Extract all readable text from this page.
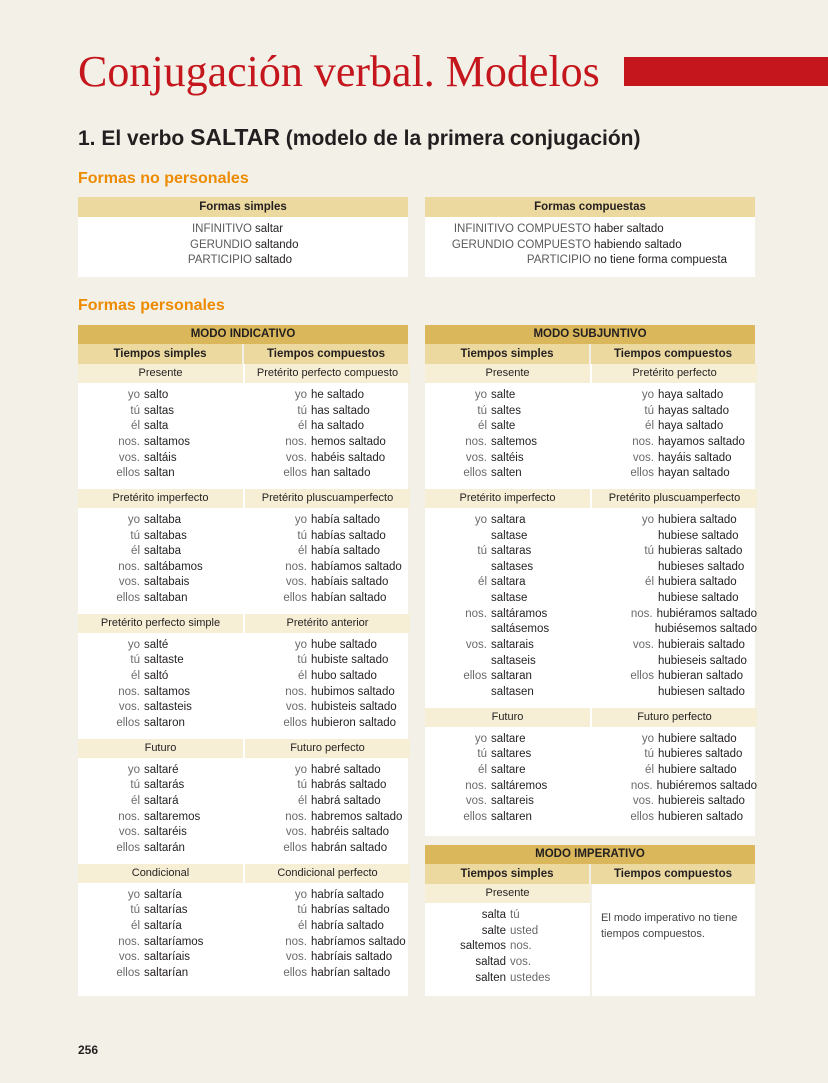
Conjugación verbal. Modelos
1. El verbo SALTAR (modelo de la primera conjugación)
Formas no personales
Formas simples
INFINITIVO saltar
GERUNDIO saltando
PARTICIPIO saltado
Formas compuestas
INFINITIVO COMPUESTO haber saltado
GERUNDIO COMPUESTO habiendo saltado
PARTICIPIO no tiene forma compuesta
Formas personales
MODO INDICATIVO
Tiempos simples	Tiempos compuestos
Presente
yo salto
tú saltas
él salta
nos. saltamos
vos. saltáis
ellos saltan
Pretérito imperfecto
yo saltaba
tú saltabas
él saltaba
nos. saltábamos
vos. saltabais
ellos saltaban
Pretérito perfecto simple
yo salté
tú saltaste
él saltó
nos. saltamos
vos. saltasteis
ellos saltaron
Futuro
yo saltaré
tú saltarás
él saltará
nos. saltaremos
vos. saltaréis
ellos saltarán
Condicional
yo saltaría
tú saltarías
él saltaría
nos. saltaríamos
vos. saltaríais
ellos saltarían
Pretérito perfecto compuesto
yo he saltado
tú has saltado
él ha saltado
nos. hemos saltado
vos. habéis saltado
ellos han saltado
Pretérito pluscuamperfecto
yo había saltado
tú habías saltado
él había saltado
nos. habíamos saltado
vos. habíais saltado
ellos habían saltado
Pretérito anterior
yo hube saltado
tú hubiste saltado
él hubo saltado
nos. hubimos saltado
vos. hubisteis saltado
ellos hubieron saltado
Futuro perfecto
yo habré saltado
tú habrás saltado
él habrá saltado
nos. habremos saltado
vos. habréis saltado
ellos habrán saltado
Condicional perfecto
yo habría saltado
tú habrías saltado
él habría saltado
nos. habríamos saltado
vos. habríais saltado
ellos habrían saltado
MODO SUBJUNTIVO
Tiempos simples	Tiempos compuestos
Presente
yo salte
tú saltes
él salte
nos. saltemos
vos. saltéis
ellos salten
Pretérito imperfecto
yo saltara
saltase
tú saltaras
saltases
él saltara
saltase
nos. saltáramos
saltásemos
vos. saltarais
saltaseis
ellos saltaran
saltasen
Futuro
yo saltare
tú saltares
él saltare
nos. saltáremos
vos. saltareis
ellos saltaren
Pretérito perfecto
yo haya saltado
tú hayas saltado
él haya saltado
nos. hayamos saltado
vos. hayáis saltado
ellos hayan saltado
Pretérito pluscuamperfecto
yo hubiera saltado
hubiese saltado
tú hubieras saltado
hubieses saltado
él hubiera saltado
hubiese saltado
nos. hubiéramos saltado
hubiésemos saltado
vos. hubierais saltado
hubieseis saltado
ellos hubieran saltado
hubiesen saltado
Futuro perfecto
yo hubiere saltado
tú hubieres saltado
él hubiere saltado
nos. hubiéremos saltado
vos. hubiereis saltado
ellos hubieren saltado
MODO IMPERATIVO
Tiempos simples	Tiempos compuestos
Presente
salta tú
salte usted
saltemos nos.
saltad vos.
salten ustedes
El modo imperativo no tiene tiempos compuestos.
256
